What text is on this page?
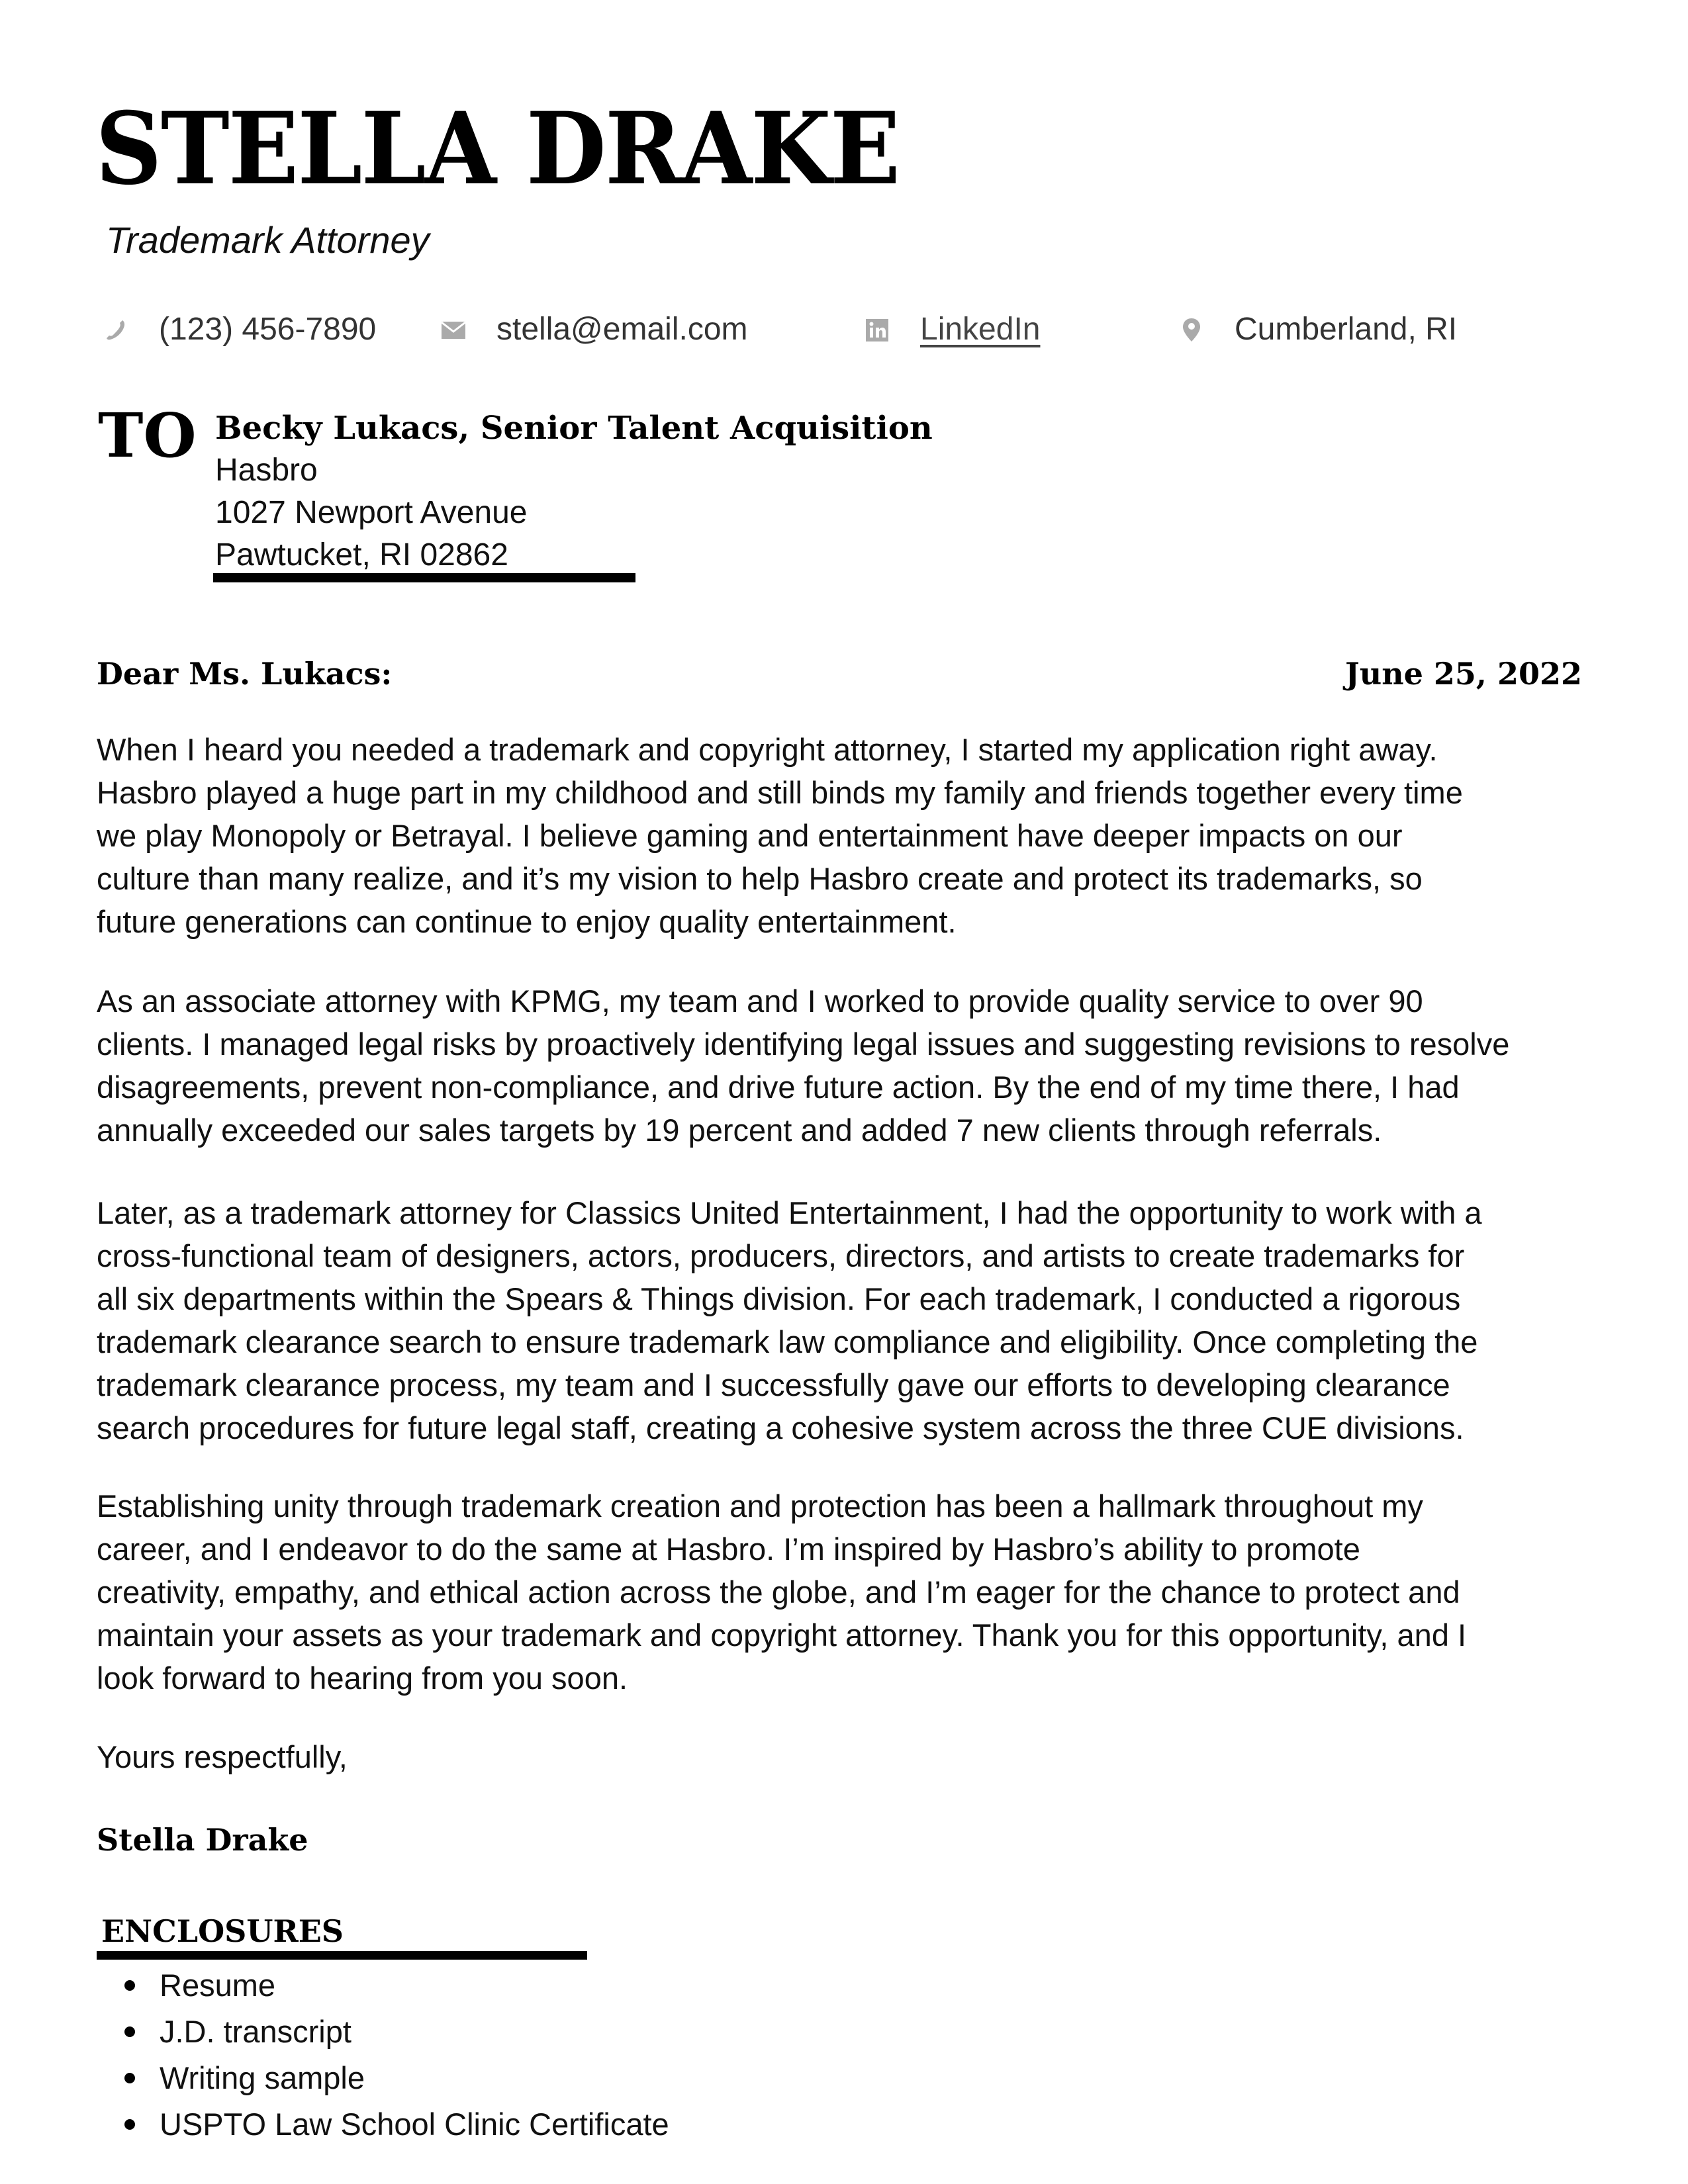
STELLA DRAKE
Trademark Attorney
(123) 456-7890	stella@email.com	LinkedIn	Cumberland, RI
TO Becky Lukacs, Senior Talent Acquisition
Hasbro
1027 Newport Avenue
Pawtucket, RI 02862
Dear Ms. Lukacs:	June 25, 2022
When I heard you needed a trademark and copyright attorney, I started my application right away.
Hasbro played a huge part in my childhood and still binds my family and friends together every time
we play Monopoly or Betrayal. I believe gaming and entertainment have deeper impacts on our
culture than many realize, and it’s my vision to help Hasbro create and protect its trademarks, so
future generations can continue to enjoy quality entertainment.
As an associate attorney with KPMG, my team and I worked to provide quality service to over 90
clients. I managed legal risks by proactively identifying legal issues and suggesting revisions to resolve
disagreements, prevent non-compliance, and drive future action. By the end of my time there, I had
annually exceeded our sales targets by 19 percent and added 7 new clients through referrals.
Later, as a trademark attorney for Classics United Entertainment, I had the opportunity to work with a
cross-functional team of designers, actors, producers, directors, and artists to create trademarks for
all six departments within the Spears & Things division. For each trademark, I conducted a rigorous
trademark clearance search to ensure trademark law compliance and eligibility. Once completing the
trademark clearance process, my team and I successfully gave our efforts to developing clearance
search procedures for future legal staff, creating a cohesive system across the three CUE divisions.
Establishing unity through trademark creation and protection has been a hallmark throughout my
career, and I endeavor to do the same at Hasbro. I’m inspired by Hasbro’s ability to promote
creativity, empathy, and ethical action across the globe, and I’m eager for the chance to protect and
maintain your assets as your trademark and copyright attorney. Thank you for this opportunity, and I
look forward to hearing from you soon.
Yours respectfully,
Stella Drake
ENCLOSURES
Resume
J.D. transcript
Writing sample
USPTO Law School Clinic Certificate
